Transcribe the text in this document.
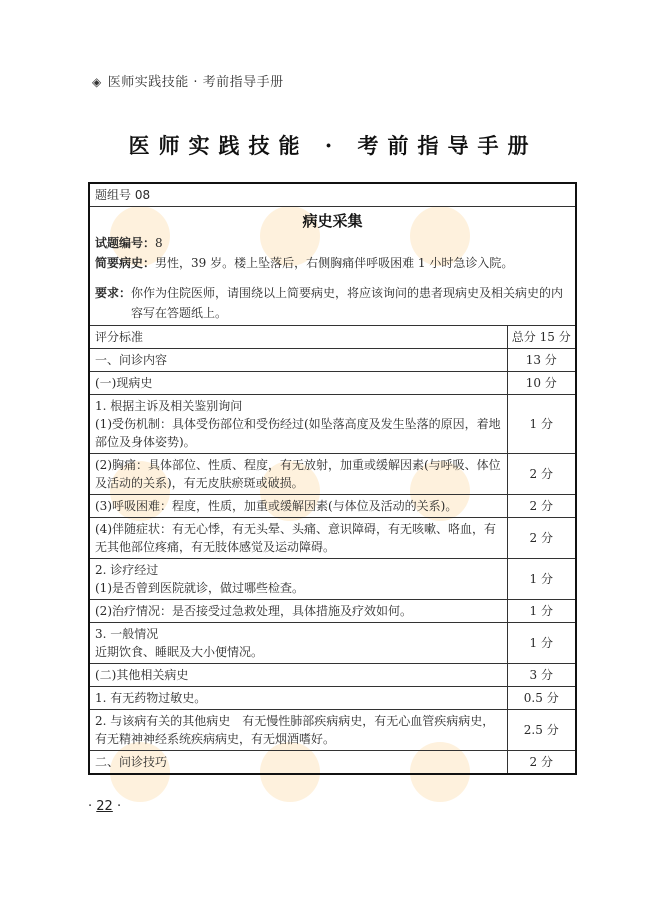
◈ 医师实践技能 · 考前指导手册
医师实践技能 · 考前指导手册
题组号 08	

病史采集
试题编号：8
简要病史：男性，39 岁。楼上坠落后，右侧胸痛伴呼吸困难 1 小时急诊入院。
要求： 你作为住院医师，请围绕以上简要病史，将应该询问的患者现病史及相关病史的内容写在答题纸上。	

评分标准	总分 15 分

一、问诊内容	13 分

(一)现病史	10 分

1. 根据主诉及相关鉴别询问
(1)受伤机制：具体受伤部位和受伤经过(如坠落高度及发生坠落的原因，着地部位及身体姿势)。	1 分

(2)胸痛：具体部位、性质、程度，有无放射，加重或缓解因素(与呼吸、体位及活动的关系)，有无皮肤瘀斑或破损。	2 分

(3)呼吸困难：程度，性质，加重或缓解因素(与体位及活动的关系)。	2 分

(4)伴随症状：有无心悸，有无头晕、头痛、意识障碍，有无咳嗽、咯血，有无其他部位疼痛，有无肢体感觉及运动障碍。	2 分

2. 诊疗经过
(1)是否曾到医院就诊，做过哪些检查。	1 分

(2)治疗情况：是否接受过急救处理，具体措施及疗效如何。	1 分

3. 一般情况
近期饮食、睡眠及大小便情况。	1 分

(二)其他相关病史	3 分

1. 有无药物过敏史。	0.5 分

2. 与该病有关的其他病史　有无慢性肺部疾病病史，有无心血管疾病病史，有无精神神经系统疾病病史，有无烟酒嗜好。	2.5 分

二、问诊技巧	2 分
· 22 ·
